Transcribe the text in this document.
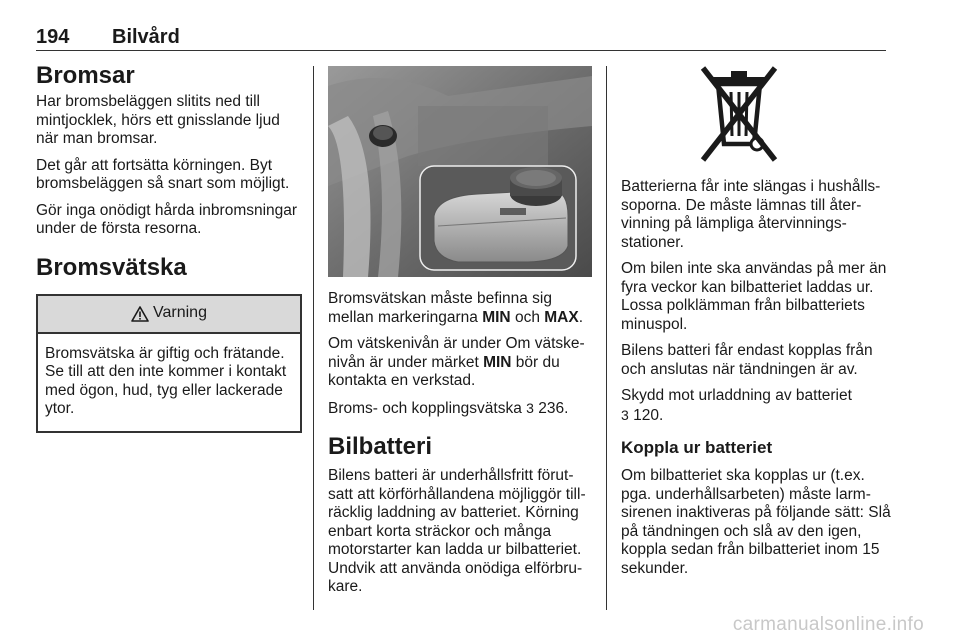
194 Bilvård
Bromsar

Har bromsbeläggen slitits ned till mintjocklek, hörs ett gnisslande ljud när man bromsar.

Det går att fortsätta körningen. Byt bromsbeläggen så snart som möjligt.

Gör inga onödigt hårda inbromsningar under de första resorna.

Bromsvätska
Varning
Bromsvätska är giftig och frätande. Se till att den inte kommer i kontakt med ögon, hud, tyg eller lackerade ytor.

Bromsvätskan måste befinna sig mellan markeringarna MIN och MAX.

Om vätskenivån är under Om vätskenivån är under märket MIN bör du kontakta en verkstad.

Broms- och kopplingsvätska 3 236.

Bilbatteri

Bilens batteri är underhållsfritt förutsatt att körförhållandena möjliggör tillräcklig laddning av batteriet. Körning enbart korta sträckor och många motorstarter kan ladda ur bilbatteriet. Undvik att använda onödiga elförbrukare.

Batterierna får inte slängas i hushållssoporna. De måste lämnas till återvinning på lämpliga återvinningsstationer.

Om bilen inte ska användas på mer än fyra veckor kan bilbatteriet laddas ur. Lossa polklämman från bilbatteriets minuspol.

Bilens batteri får endast kopplas från och anslutas när tändningen är av.

Skydd mot urladdning av batteriet
3 120.

Koppla ur batteriet

Om bilbatteriet ska kopplas ur (t.ex. pga. underhållsarbeten) måste larmsirenen inaktiveras på följande sätt: Slå på tändningen och slå av den igen, koppla sedan från bilbatteriet inom 15 sekunder.

carmanualsonline.info
